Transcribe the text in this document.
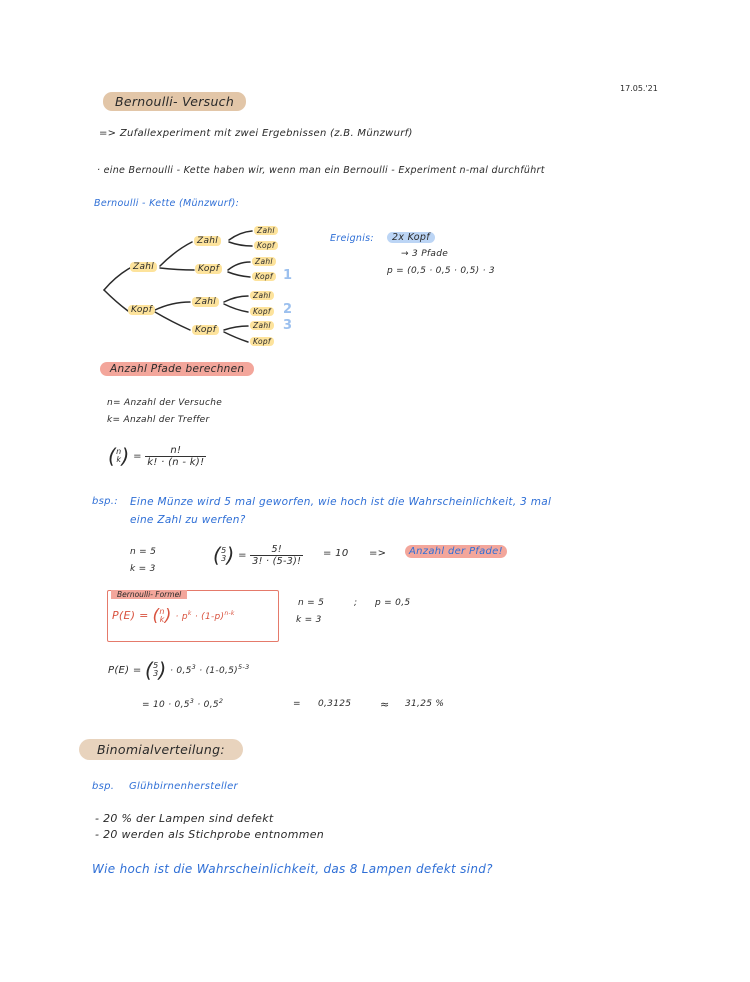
17.05.'21
Bernoulli- Versuch
=> Zufallexperiment mit zwei Ergebnissen (z.B. Münzwurf)
· eine Bernoulli - Kette haben wir, wenn man ein Bernoulli - Experiment n-mal durchführt
Bernoulli - Kette (Münzwurf):
Zahl
Kopf
Zahl
Kopf
Zahl
Kopf
Zahl
Kopf
Zahl
Kopf
Zahl
Kopf
Zahl
Kopf
1
2
3
Ereignis:	2x Kopf
→ 3 Pfade
p = (0,5 · 0,5 · 0,5) · 3
Anzahl Pfade berechnen
n= Anzahl der Versuche
k= Anzahl der Treffer
(n
$k) = \frac{n!}{k! \cdot (n - k)!}$
bsp.: Eine Münze wird 5 mal geworfen, wie hoch ist die Wahrscheinlichkeit, 3 mal
eine Zahl zu werfen?
n = 5
k = 3
(5
$3) = \frac{5!}{3! \cdot (5-3)!} = 10$ =>	Anzahl der Pfade!
Bernoulli- Formel
P(E) = (n
$k) \cdot p^k \cdot (1-p)^{n-k}$
n = 5	; p = 0,5
k = 3
P(E) = (5
$3) \cdot 0,5^3 \cdot (1-0,5)^{5-3}$
= $10 \cdot 0,5^3 \cdot 0,5^2$	= 0,3125	≈ 31,25 %
Binomialverteilung:
bsp. Glühbirnenhersteller
- 20 % der Lampen sind defekt
- 20 werden als Stichprobe entnommen
Wie hoch ist die Wahrscheinlichkeit, das 8 Lampen defekt sind?
